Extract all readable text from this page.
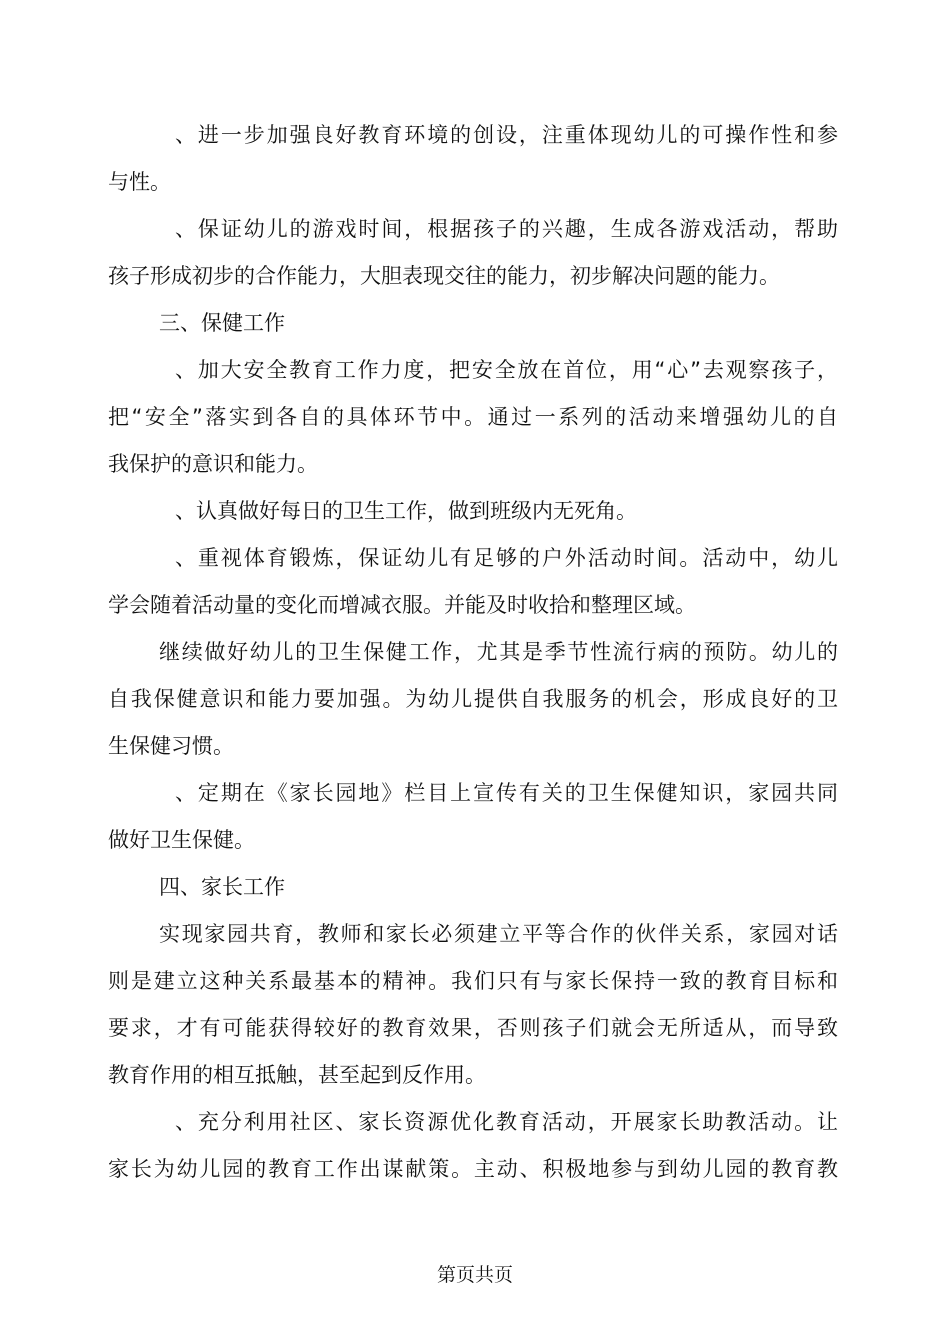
、进一步加强良好教育环境的创设，注重体现幼儿的可操作性和参
与性。
、保证幼儿的游戏时间，根据孩子的兴趣，生成各游戏活动，帮助
孩子形成初步的合作能力，大胆表现交往的能力，初步解决问题的能力。
三、保健工作
、加大安全教育工作力度，把安全放在首位，用“心”去观察孩子，
把“安全”落实到各自的具体环节中。通过一系列的活动来增强幼儿的自
我保护的意识和能力。
、认真做好每日的卫生工作，做到班级内无死角。
、重视体育锻炼，保证幼儿有足够的户外活动时间。活动中，幼儿
学会随着活动量的变化而增减衣服。并能及时收拾和整理区域。
继续做好幼儿的卫生保健工作，尤其是季节性流行病的预防。幼儿的
自我保健意识和能力要加强。为幼儿提供自我服务的机会，形成良好的卫
生保健习惯。
、定期在《家长园地》栏目上宣传有关的卫生保健知识，家园共同
做好卫生保健。
四、家长工作
实现家园共育，教师和家长必须建立平等合作的伙伴关系，家园对话
则是建立这种关系最基本的精神。我们只有与家长保持一致的教育目标和
要求，才有可能获得较好的教育效果，否则孩子们就会无所适从，而导致
教育作用的相互抵触，甚至起到反作用。
、充分利用社区、家长资源优化教育活动，开展家长助教活动。让
家长为幼儿园的教育工作出谋献策。主动、积极地参与到幼儿园的教育教
第页共页
